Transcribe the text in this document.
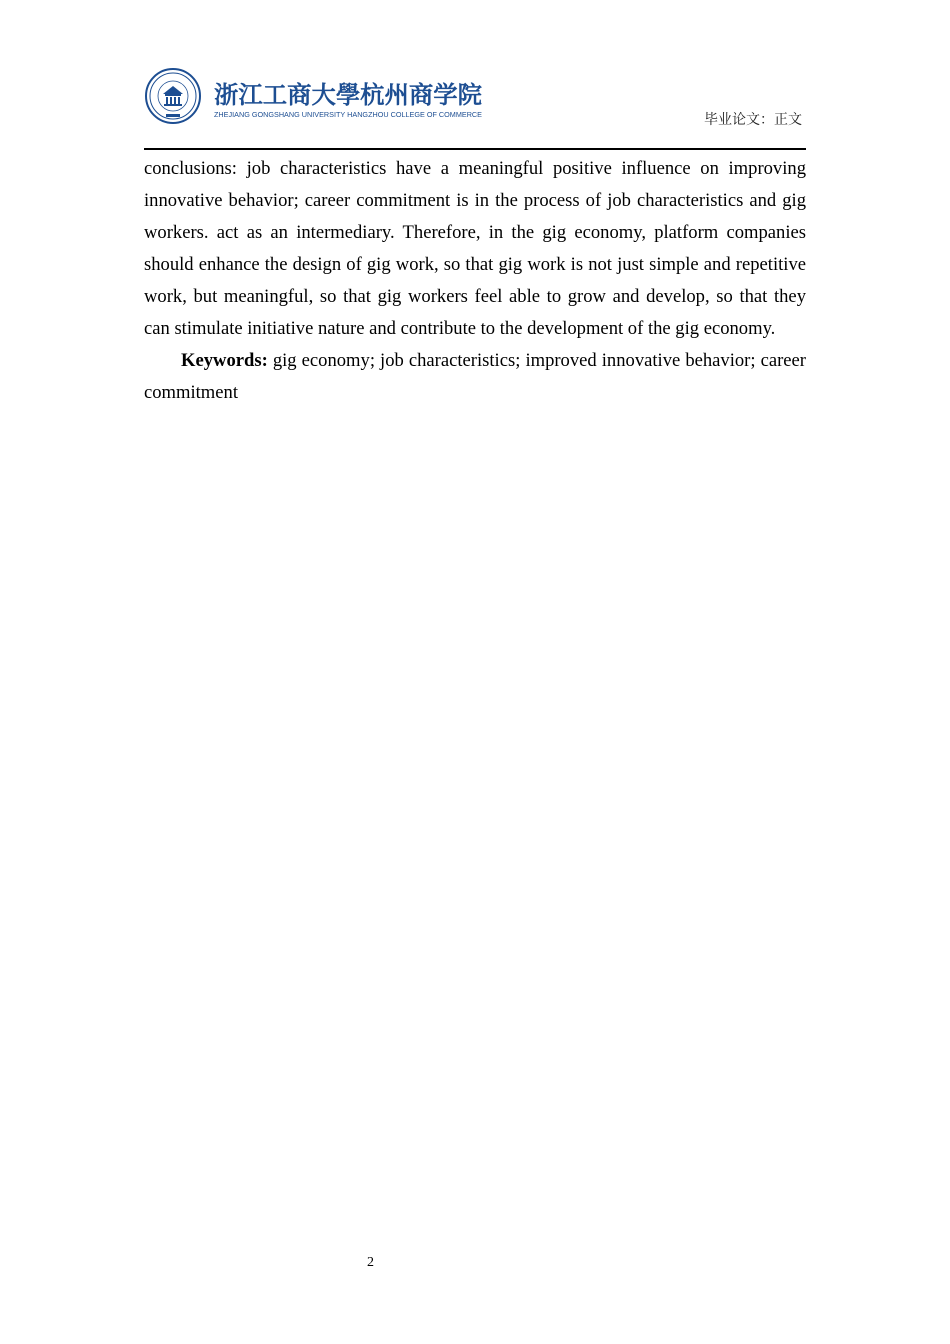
浙江工商大學杭州商学院
ZHEJIANG GONGSHANG UNIVERSITY HANGZHOU COLLEGE OF COMMERCE	毕业论文：正文

conclusions: job characteristics have a meaningful positive influence on improving innovative behavior; career commitment is in the process of job characteristics and gig workers. act as an intermediary. Therefore, in the gig economy, platform companies should enhance the design of gig work, so that gig work is not just simple and repetitive work, but meaningful, so that gig workers feel able to grow and develop, so that they can stimulate initiative nature and contribute to the development of the gig economy.

Keywords: gig economy; job characteristics; improved innovative behavior; career commitment

2
